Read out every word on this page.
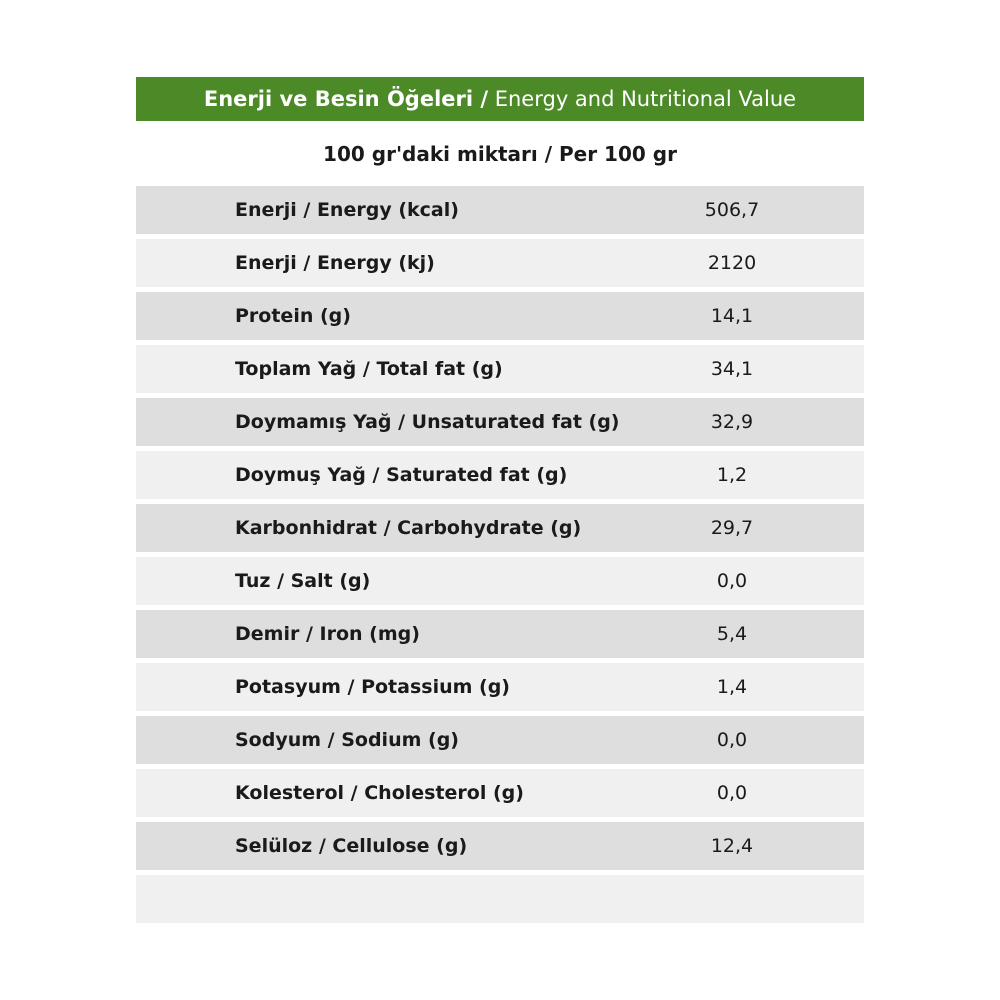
Enerji ve Besin Öğeleri / Energy and Nutritional Value
100 gr'daki miktarı / Per 100 gr
Enerji / Energy (kcal)	506,7
Enerji / Energy (kj)	2120
Protein (g)	14,1
Toplam Yağ / Total fat (g)	34,1
Doymamış Yağ / Unsaturated fat (g)	32,9
Doymuş Yağ / Saturated fat (g)	1,2
Karbonhidrat / Carbohydrate (g)	29,7
Tuz / Salt (g)	0,0
Demir / Iron (mg)	5,4
Potasyum / Potassium (g)	1,4
Sodyum / Sodium (g)	0,0
Kolesterol / Cholesterol (g)	0,0
Selüloz / Cellulose (g)	12,4
